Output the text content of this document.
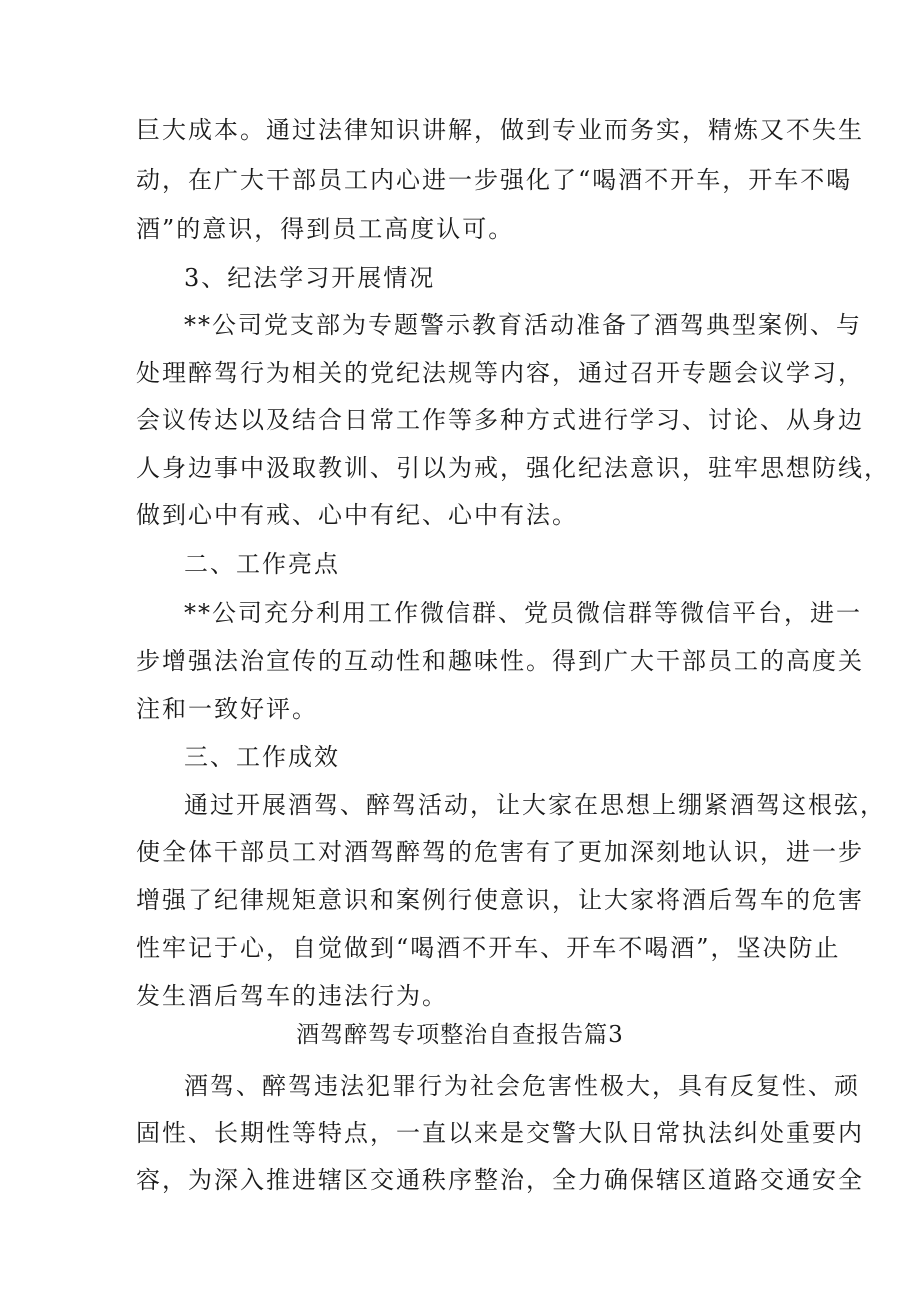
巨大成本。通过法律知识讲解，做到专业而务实，精炼又不失生
动，在广大干部员工内心进一步强化了“喝酒不开车，开车不喝
酒”的意识，得到员工高度认可。
3、纪法学习开展情况
**公司党支部为专题警示教育活动准备了酒驾典型案例、与
处理醉驾行为相关的党纪法规等内容，通过召开专题会议学习，
会议传达以及结合日常工作等多种方式进行学习、讨论、从身边
人身边事中汲取教训、引以为戒，强化纪法意识，驻牢思想防线，
做到心中有戒、心中有纪、心中有法。
二、工作亮点
**公司充分利用工作微信群、党员微信群等微信平台，进一
步增强法治宣传的互动性和趣味性。得到广大干部员工的高度关
注和一致好评。
三、工作成效
通过开展酒驾、醉驾活动，让大家在思想上绷紧酒驾这根弦，
使全体干部员工对酒驾醉驾的危害有了更加深刻地认识，进一步
增强了纪律规矩意识和案例行使意识，让大家将酒后驾车的危害
性牢记于心，自觉做到“喝酒不开车、开车不喝酒”，坚决防止
发生酒后驾车的违法行为。
酒驾醉驾专项整治自查报告篇3
酒驾、醉驾违法犯罪行为社会危害性极大，具有反复性、顽
固性、长期性等特点，一直以来是交警大队日常执法纠处重要内
容，为深入推进辖区交通秩序整治，全力确保辖区道路交通安全
